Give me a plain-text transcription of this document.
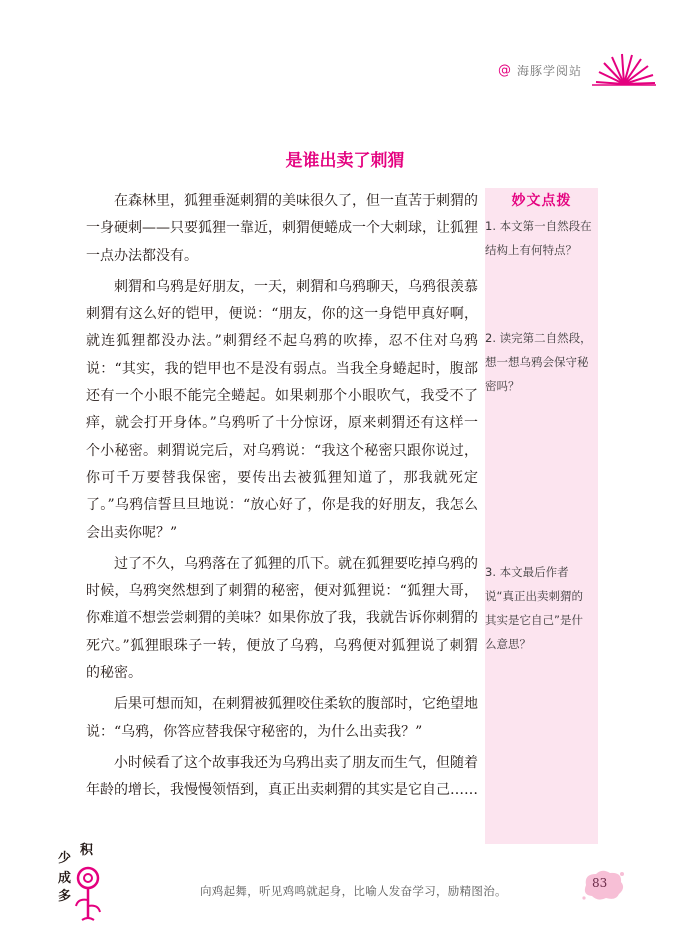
@ 海豚学阅站
是谁出卖了刺猬
妙文点拨
1. 本文第一自然段在结构上有何特点？
2. 读完第二自然段，想一想乌鸦会保守秘密吗？
3. 本文最后作者说“真正出卖刺猬的其实是它自己”是什么意思？

在森林里，狐狸垂涎刺猬的美味很久了，但一直苦于刺猬的一身硬刺——只要狐狸一靠近，刺猬便蜷成一个大刺球，让狐狸一点办法都没有。

刺猬和乌鸦是好朋友，一天，刺猬和乌鸦聊天，乌鸦很羡慕刺猬有这么好的铠甲，便说：“朋友，你的这一身铠甲真好啊，就连狐狸都没办法。”刺猬经不起乌鸦的吹捧，忍不住对乌鸦说：“其实，我的铠甲也不是没有弱点。当我全身蜷起时，腹部还有一个小眼不能完全蜷起。如果刺那个小眼吹气，我受不了痒，就会打开身体。”乌鸦听了十分惊讶，原来刺猬还有这样一个小秘密。刺猬说完后，对乌鸦说：“我这个秘密只跟你说过，你可千万要替我保密，要传出去被狐狸知道了，那我就死定了。”乌鸦信誓旦旦地说：“放心好了，你是我的好朋友，我怎么会出卖你呢？”

过了不久，乌鸦落在了狐狸的爪下。就在狐狸要吃掉乌鸦的时候，乌鸦突然想到了刺猬的秘密，便对狐狸说：“狐狸大哥，你难道不想尝尝刺猬的美味？如果你放了我，我就告诉你刺猬的死穴。”狐狸眼珠子一转，便放了乌鸦，乌鸦便对狐狸说了刺猬的秘密。

后果可想而知，在刺猬被狐狸咬住柔软的腹部时，它绝望地说：“乌鸦，你答应替我保守秘密的，为什么出卖我？”

小时候看了这个故事我还为乌鸦出卖了朋友而生气，但随着年龄的增长，我慢慢领悟到，真正出卖刺猬的其实是它自己……

少
积
成
多	向鸡起舞，听见鸡鸣就起身，比喻人发奋学习，励精图治。
83
